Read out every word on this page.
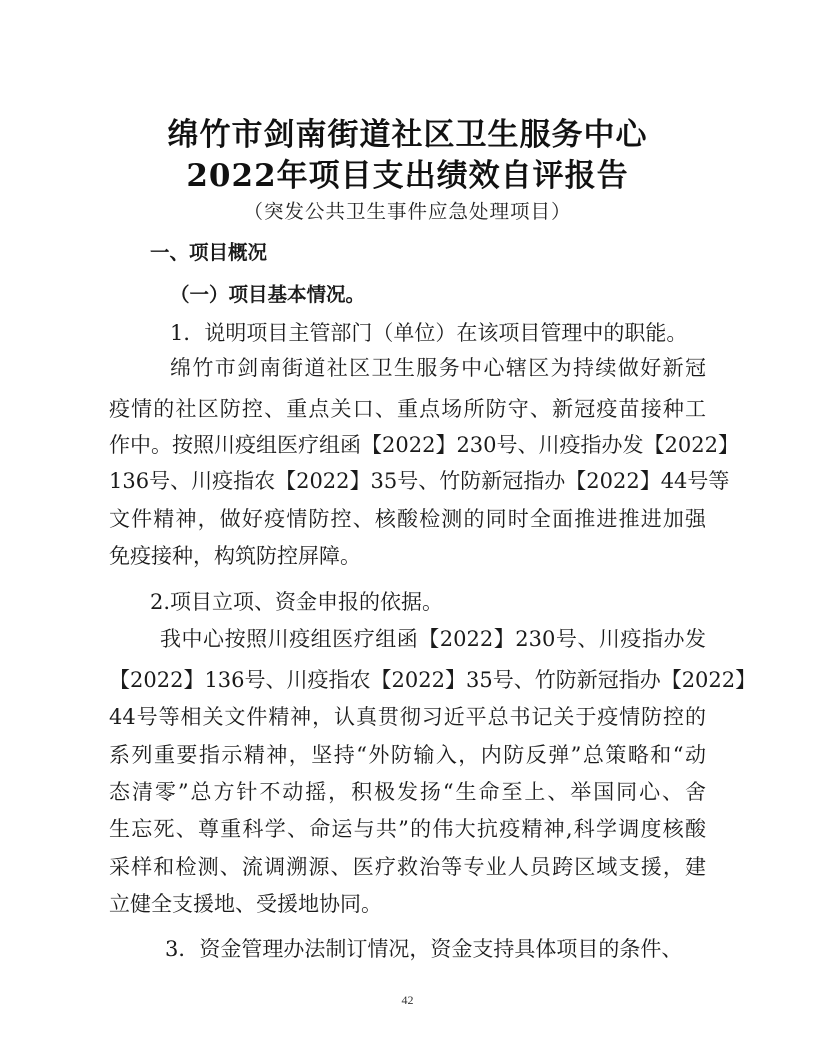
绵竹市剑南街道社区卫生服务中心
2022年项目支出绩效自评报告
（突发公共卫生事件应急处理项目）
一、项目概况
（一）项目基本情况。
1．说明项目主管部门（单位）在该项目管理中的职能。
绵竹市剑南街道社区卫生服务中心辖区为持续做好新冠
疫情的社区防控、重点关口、重点场所防守、新冠疫苗接种工
作中。按照川疫组医疗组函【2022】230号、川疫指办发【2022】
136号、川疫指农【2022】35号、竹防新冠指办【2022】44号等
文件精神，做好疫情防控、核酸检测的同时全面推进推进加强
免疫接种，构筑防控屏障。
2.项目立项、资金申报的依据。
我中心按照川疫组医疗组函【2022】230号、川疫指办发
【2022】136号、川疫指农【2022】35号、竹防新冠指办【2022】
44号等相关文件精神，认真贯彻习近平总书记关于疫情防控的
系列重要指示精神，坚持“外防输入，内防反弹”总策略和“动
态清零”总方针不动摇，积极发扬“生命至上、举国同心、舍
生忘死、尊重科学、命运与共”的伟大抗疫精神,科学调度核酸
采样和检测、流调溯源、医疗救治等专业人员跨区域支援，建
立健全支援地、受援地协同。
3．资金管理办法制订情况，资金支持具体项目的条件、
42
